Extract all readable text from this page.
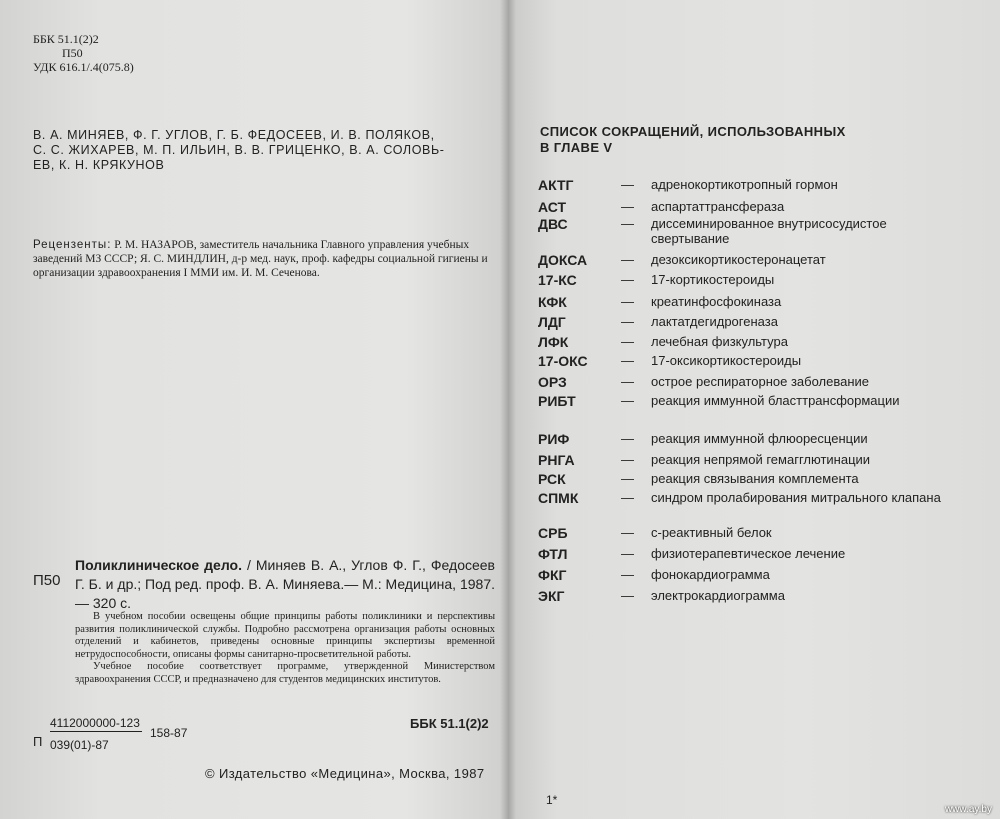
ББК 51.1(2)2
П50
УДК 616.1/.4(075.8)
В. А. МИНЯЕВ, Ф. Г. УГЛОВ, Г. Б. ФЕДОСЕЕВ, И. В. ПОЛЯКОВ,
С. С. ЖИХАРЕВ, М. П. ИЛЬИН, В. В. ГРИЦЕНКО, В. А. СОЛОВЬ-
ЕВ, К. Н. КРЯКУНОВ
Рецензенты: Р. М. НАЗАРОВ, заместитель начальника Главного управления учебных заведений МЗ СССР; Я. С. МИНДЛИН, д-р мед. наук, проф. кафедры социальной гигиены и организации здравоохранения I ММИ им. И. М. Сеченова.
П50
Поликлиническое дело. / Миняев В. А., Углов Ф. Г., Федосеев Г. Б. и др.; Под ред. проф. В. А. Миняева.— М.: Медицина, 1987.— 320 с.
В учебном пособии освещены общие принципы работы поликлиники и перспективы развития поликлинической службы. Подробно рассмотрена организация работы основных отделений и кабинетов, приведены основные принципы экспертизы временной нетрудоспособности, описаны формы санитарно-просветительной работы.
Учебное пособие соответствует программе, утвержденной Министерством здравоохранения СССР, и предназначено для студентов медицинских институтов.
П
4112000000-123
039(01)-87
158-87
ББК 51.1(2)2
© Издательство «Медицина», Москва, 1987
СПИСОК СОКРАЩЕНИЙ, ИСПОЛЬЗОВАННЫХ
В ГЛАВЕ V
АКТГ	— адренокортикотропный гормон
АСТ	— аспартаттрансфераза
ДВС	— диссеминированное внутрисосудистое свертывание
ДОКСА	— дезоксикортикостеронацетат
17-КС	— 17-кортикостероиды
КФК	— креатинфосфокиназа
ЛДГ	— лактатдегидрогеназа
ЛФК	— лечебная физкультура
17-ОКС	— 17-оксикортикостероиды
ОРЗ	— острое респираторное заболевание
РИБТ	— реакция иммунной бласттрансформации
РИФ	— реакция иммунной флюоресценции
РНГА	— реакция непрямой гемагглютинации
РСК	— реакция связывания комплемента
СПМК	— синдром пролабирования митрального клапана
СРБ	— с-реактивный белок
ФТЛ	— физиотерапевтическое лечение
ФКГ	— фонокардиограмма
ЭКГ	— электрокардиограмма
1*
www.ay.by
